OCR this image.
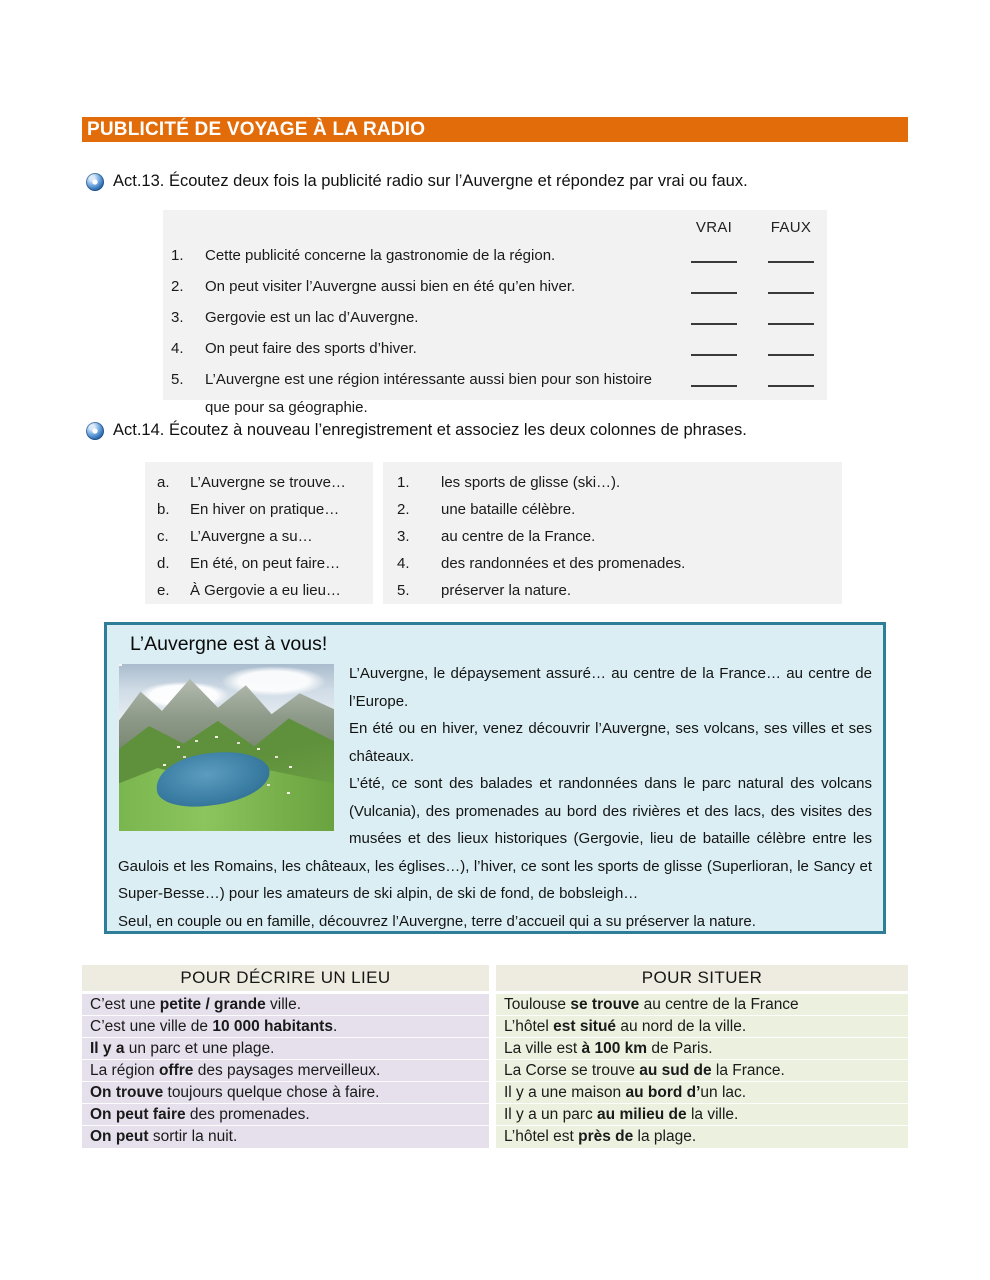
PUBLICITÉ DE VOYAGE À LA RADIO
Act.13. Écoutez deux fois la publicité radio sur l’Auvergne et répondez par vrai ou faux.
VRAI	FAUX
1.	Cette publicité concerne la gastronomie de la région.
2.	On peut visiter l’Auvergne aussi bien en été qu’en hiver.
3.	Gergovie est un lac d’Auvergne.
4.	On peut faire des sports d’hiver.
5.	L’Auvergne est une région intéressante aussi bien pour son histoire que pour sa géographie.
Act.14. Écoutez à nouveau l’enregistrement et associez les deux colonnes de phrases.
a.	L’Auvergne se trouve…
b.	En hiver on pratique…
c.	L’Auvergne a su…
d.	En été, on peut faire…
e.	À Gergovie a eu lieu…
1.	les sports de glisse (ski…).
2.	une bataille célèbre.
3.	au centre de la France.
4.	des randonnées et des promenades.
5.	préserver la nature.
L’Auvergne est à vous!

L’Auvergne, le dépaysement assuré… au centre de la France… au centre de l’Europe.

En été ou en hiver, venez découvrir l’Auvergne, ses volcans, ses villes et ses châteaux.

L’été, ce sont des balades et randonnées dans le parc natural des volcans (Vulcania), des promenades au bord des rivières et des lacs, des visites des musées et des lieux historiques (Gergovie, lieu de bataille célèbre entre les Gaulois et les Romains, les châteaux, les églises…), l’hiver, ce sont les sports de glisse (Superlioran, le Sancy et Super-Besse…) pour les amateurs de ski alpin, de ski de fond, de bobsleigh…

Seul, en couple ou en famille, découvrez l’Auvergne, terre d’accueil qui a su préserver la nature.

POUR DÉCRIRE UN LIEU
C’est une petite / grande ville.
C’est une ville de 10 000 habitants.
Il y a un parc et une plage.
La région offre des paysages merveilleux.
On trouve toujours quelque chose à faire.
On peut faire des promenades.
On peut sortir la nuit.
POUR SITUER
Toulouse se trouve au centre de la France
L’hôtel est situé au nord de la ville.
La ville est à 100 km de Paris.
La Corse se trouve au sud de la France.
Il y a une maison au bord d’un lac.
Il y a un parc au milieu de la ville.
L’hôtel est près de la plage.
